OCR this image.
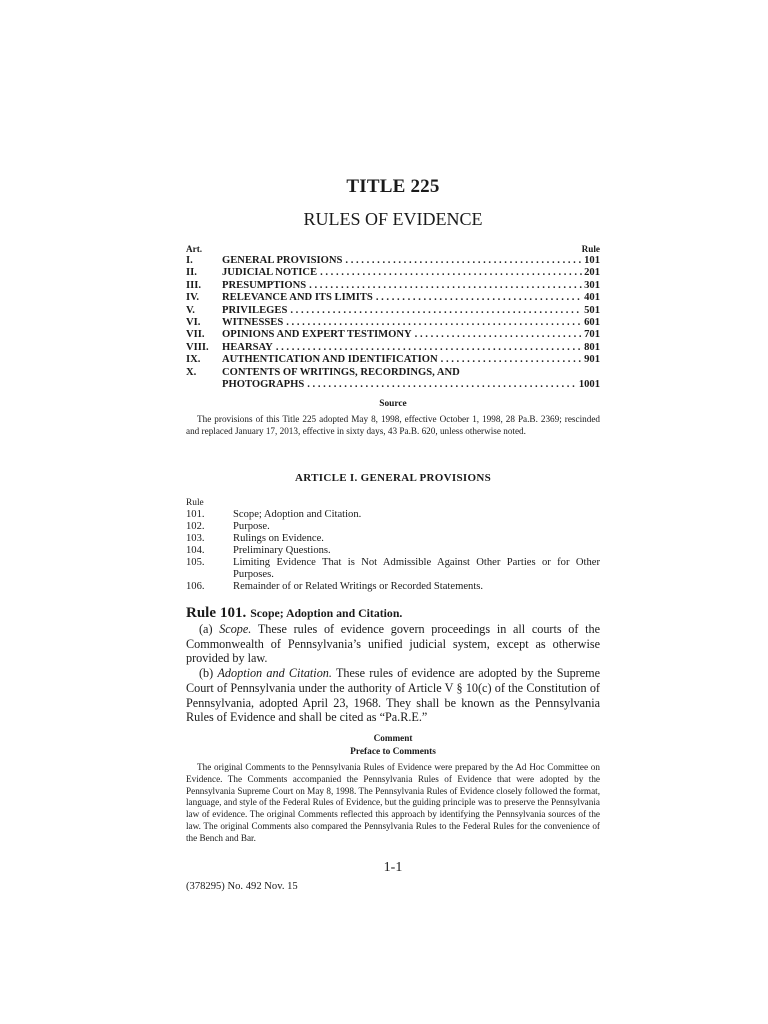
TITLE 225
RULES OF EVIDENCE
Art.	Rule
I.	GENERAL PROVISIONS . . .	101
II.	JUDICIAL NOTICE . . .	201
III.	PRESUMPTIONS . . .	301
IV.	RELEVANCE AND ITS LIMITS . . .	401
V.	PRIVILEGES . . .	501
VI.	WITNESSES . . .	601
VII.	OPINIONS AND EXPERT TESTIMONY . . .	701
VIII.	HEARSAY . . .	801
IX.	AUTHENTICATION AND IDENTIFICATION . . .	901
X.	CONTENTS OF WRITINGS, RECORDINGS, AND
PHOTOGRAPHS . . .	1001
Source
The provisions of this Title 225 adopted May 8, 1998, effective October 1, 1998, 28 Pa.B. 2369; rescinded and replaced January 17, 2013, effective in sixty days, 43 Pa.B. 620, unless otherwise noted.
ARTICLE I. GENERAL PROVISIONS
Rule
101.	Scope; Adoption and Citation.
102.	Purpose.
103.	Rulings on Evidence.
104.	Preliminary Questions.
105.	Limiting Evidence That is Not Admissible Against Other Parties or for Other Purposes.
106.	Remainder of or Related Writings or Recorded Statements.
Rule 101. Scope; Adoption and Citation.

(a) Scope. These rules of evidence govern proceedings in all courts of the Commonwealth of Pennsylvania’s unified judicial system, except as otherwise provided by law.

(b) Adoption and Citation. These rules of evidence are adopted by the Supreme Court of Pennsylvania under the authority of Article V § 10(c) of the Constitution of Pennsylvania, adopted April 23, 1968. They shall be known as the Pennsylvania Rules of Evidence and shall be cited as “Pa.R.E.”

Comment
Preface to Comments
The original Comments to the Pennsylvania Rules of Evidence were prepared by the Ad Hoc Committee on Evidence. The Comments accompanied the Pennsylvania Rules of Evidence that were adopted by the Pennsylvania Supreme Court on May 8, 1998. The Pennsylvania Rules of Evidence closely followed the format, language, and style of the Federal Rules of Evidence, but the guiding principle was to preserve the Pennsylvania law of evidence. The original Comments reflected this approach by identifying the Pennsylvania sources of the law. The original Comments also compared the Pennsylvania Rules to the Federal Rules for the convenience of the Bench and Bar.
1-1
(378295) No. 492 Nov. 15
